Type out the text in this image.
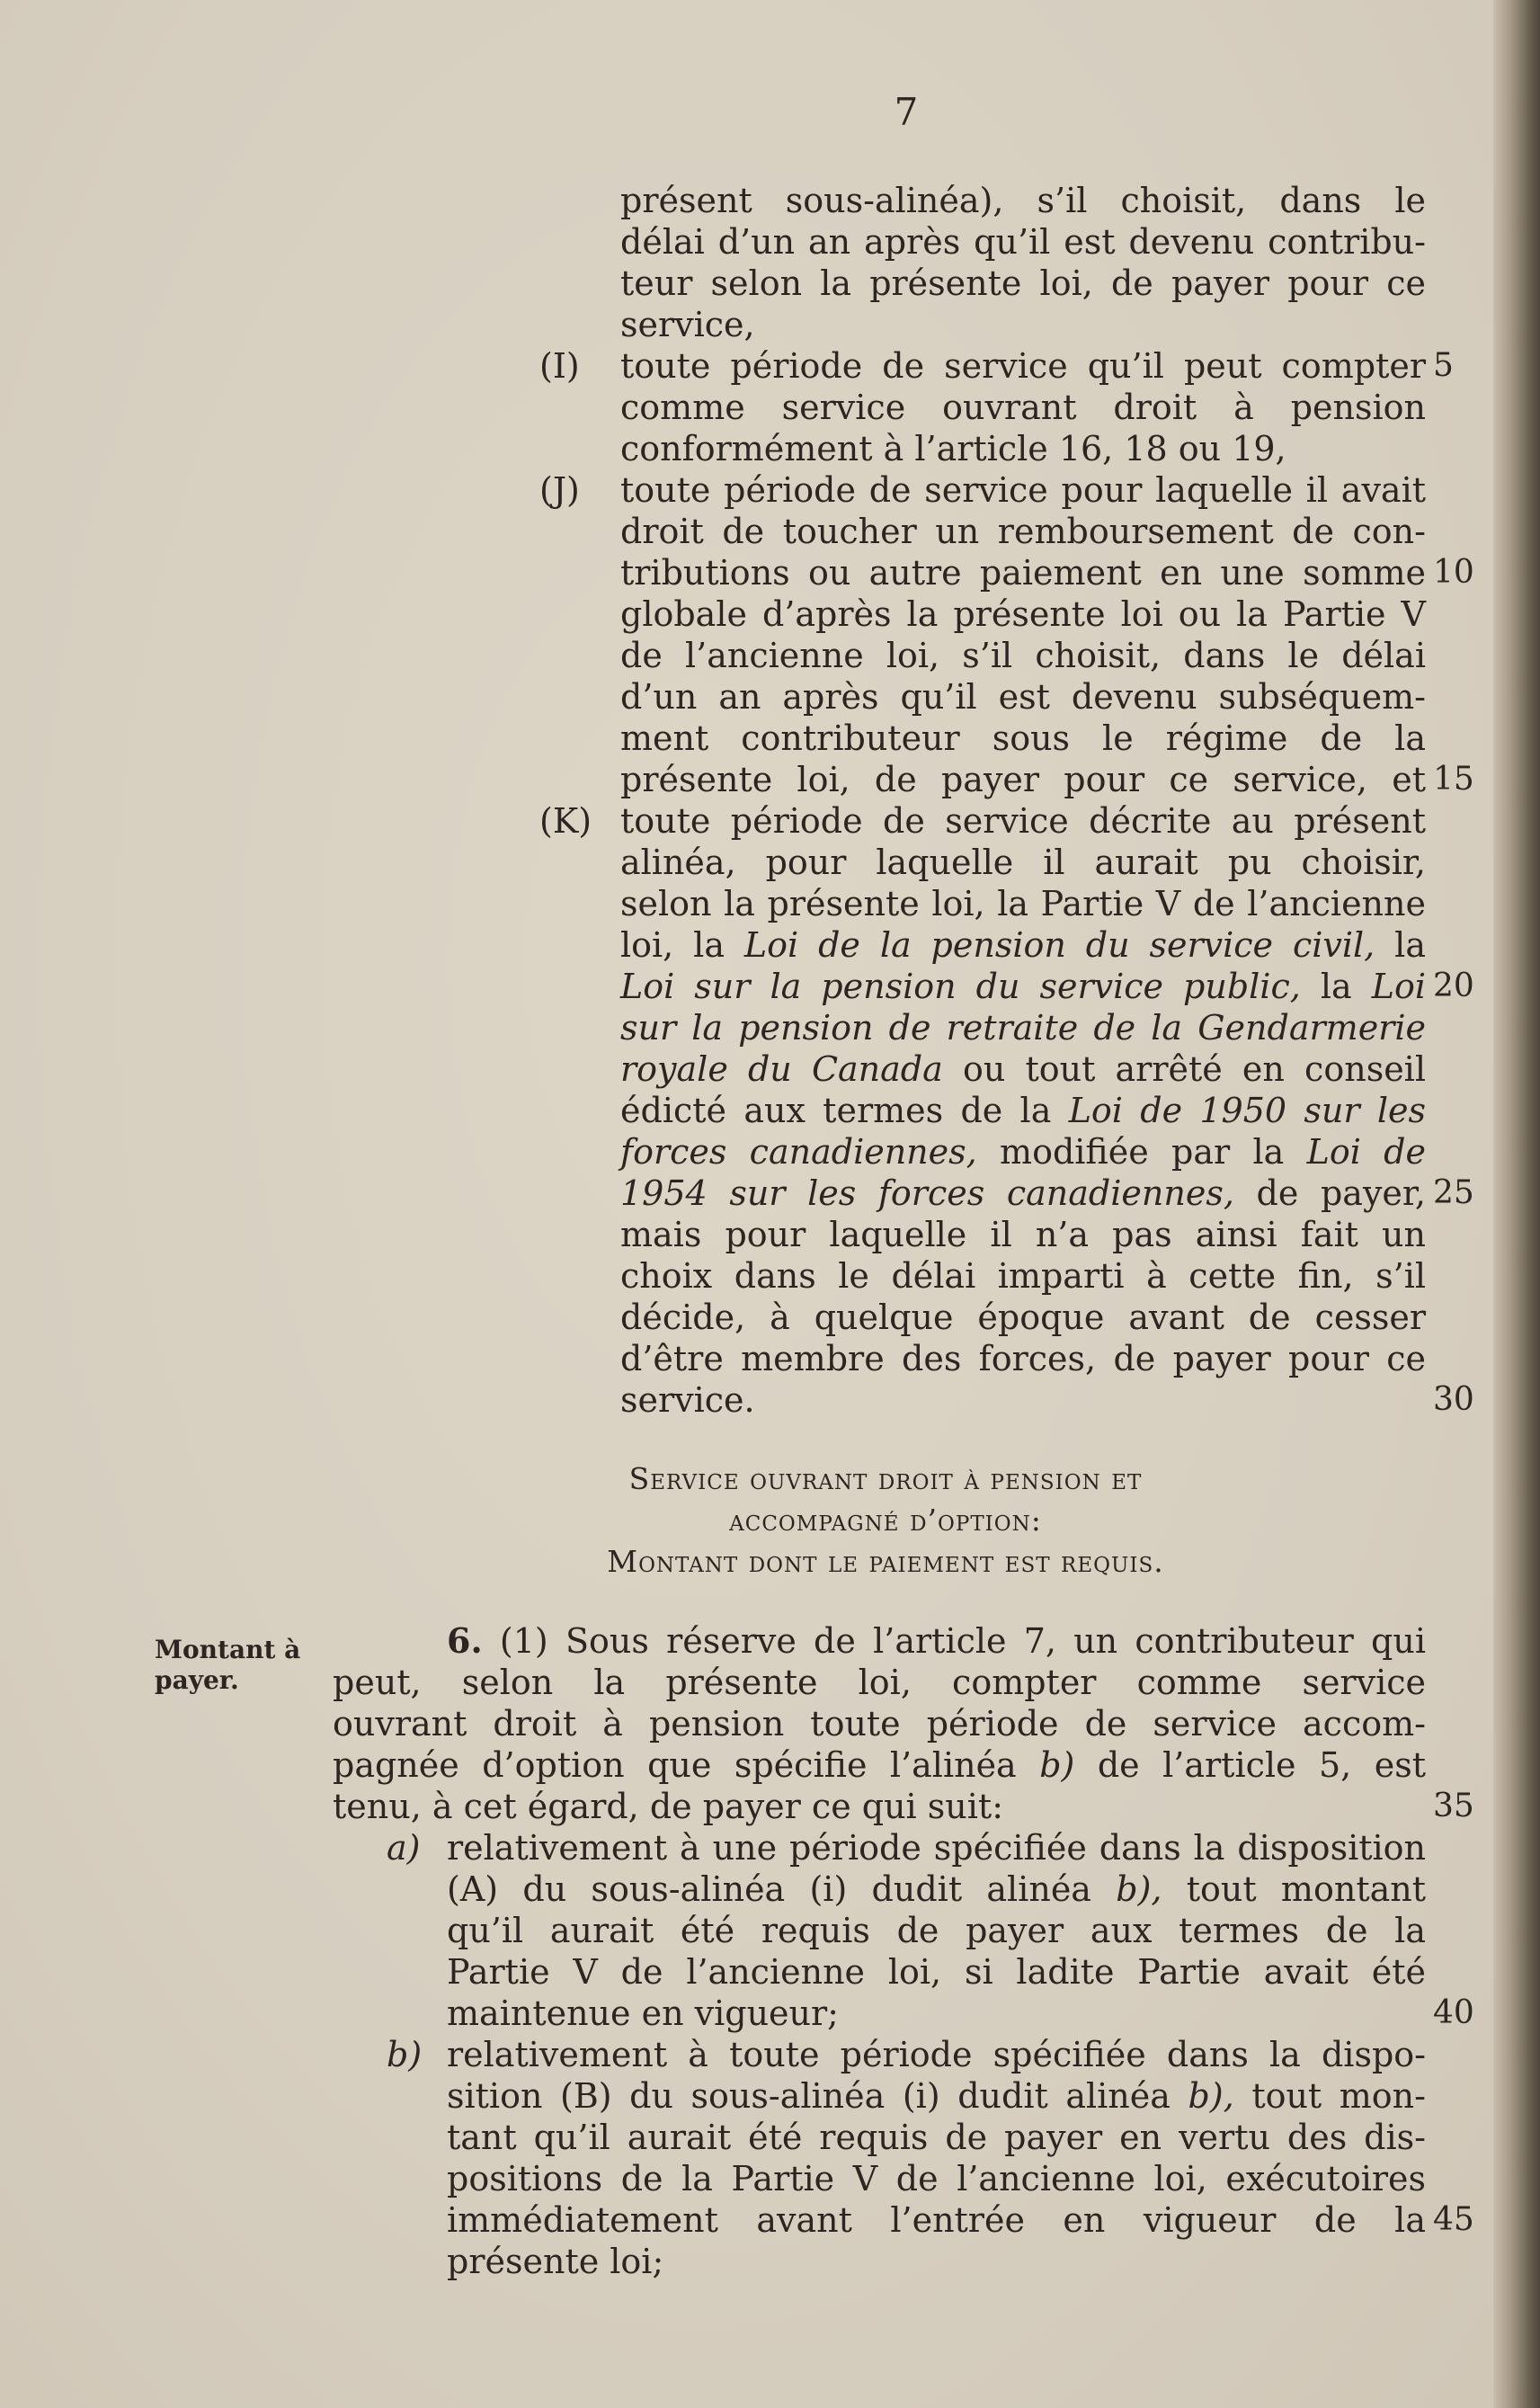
7
présent sous-alinéa), s’il choisit, dans le
délai d’un an après qu’il est devenu contribu-
teur selon la présente loi, de payer pour ce
service,
(I)	toute période de service qu’il peut compter
comme service ouvrant droit à pension
conformément à l’article 16, 18 ou 19,
(J)	toute période de service pour laquelle il avait
droit de toucher un remboursement de con-
tributions ou autre paiement en une somme
globale d’après la présente loi ou la Partie V
de l’ancienne loi, s’il choisit, dans le délai
d’un an après qu’il est devenu subséquem-
ment contributeur sous le régime de la
présente loi, de payer pour ce service, et
(K) toute période de service décrite au présent
alinéa, pour laquelle il aurait pu choisir,
selon la présente loi, la Partie V de l’ancienne
loi, la Loi de la pension du service civil, la
Loi sur la pension du service public, la Loi
sur la pension de retraite de la Gendarmerie
royale du Canada ou tout arrêté en conseil
édicté aux termes de la Loi de 1950 sur les
forces canadiennes, modifiée par la Loi de
1954 sur les forces canadiennes, de payer,
mais pour laquelle il n’a pas ainsi fait un
choix dans le délai imparti à cette fin, s’il
décide, à quelque époque avant de cesser
d’être membre des forces, de payer pour ce
service.
Service ouvrant droit à pension et
accompagné d’option:
Montant dont le paiement est requis.
Montant à payer.
6. (1) Sous réserve de l’article 7, un contributeur qui
peut, selon la présente loi, compter comme service
ouvrant droit à pension toute période de service accom-
pagnée d’option que spécifie l’alinéa b) de l’article 5, est
tenu, à cet égard, de payer ce qui suit:
a) relativement à une période spécifiée dans la disposition
(A) du sous-alinéa (i) dudit alinéa b), tout montant
qu’il aurait été requis de payer aux termes de la
Partie V de l’ancienne loi, si ladite Partie avait été
maintenue en vigueur;
b) relativement à toute période spécifiée dans la dispo-
sition (B) du sous-alinéa (i) dudit alinéa b), tout mon-
tant qu’il aurait été requis de payer en vertu des dis-
positions de la Partie V de l’ancienne loi, exécutoires
immédiatement avant l’entrée en vigueur de la
présente loi;
5
10
15
20
25
30
35
40
45
